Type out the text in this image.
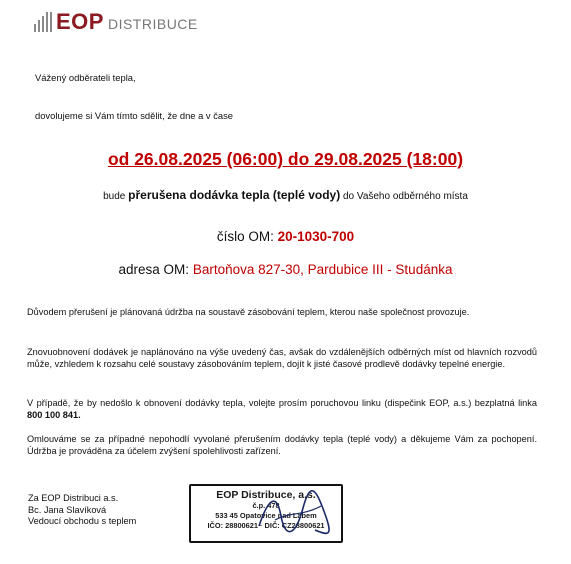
EOP DISTRIBUCE
Vážený odběrateli tepla,
dovolujeme si Vám tímto sdělit, že dne a v čase
od 26.08.2025 (06:00) do 29.08.2025 (18:00)
bude přerušena dodávka tepla (teplé vody) do Vašeho odběrného místa
číslo OM: 20-1030-700
adresa OM: Bartoňova 827-30, Pardubice III - Studánka
Důvodem přerušení je plánovaná údržba na soustavě zásobování teplem, kterou naše společnost provozuje.
Znovuobnovení dodávek je naplánováno na výše uvedený čas, avšak do vzdálenějších odběrných míst od hlavních rozvodů může, vzhledem k rozsahu celé soustavy zásobováním teplem, dojít k jisté časové prodlevě dodávky tepelné energie.
V případě, že by nedošlo k obnovení dodávky tepla, volejte prosím poruchovou linku (dispečink EOP, a.s.) bezplatná linka 800 100 841.
Omlouváme se za případné nepohodlí vyvolané přerušením dodávky tepla (teplé vody) a děkujeme Vám za pochopení. Údržba je prováděna za účelem zvýšení spolehlivosti zařízení.
Za EOP Distribuci a.s.
Bc. Jana Slavíková
Vedoucí obchodu s teplem
EOP Distribuce, a.s.
č.p. 478
533 45 Opatovice nad Labem
IČO: 28800621 · DIČ: CZ28800621
